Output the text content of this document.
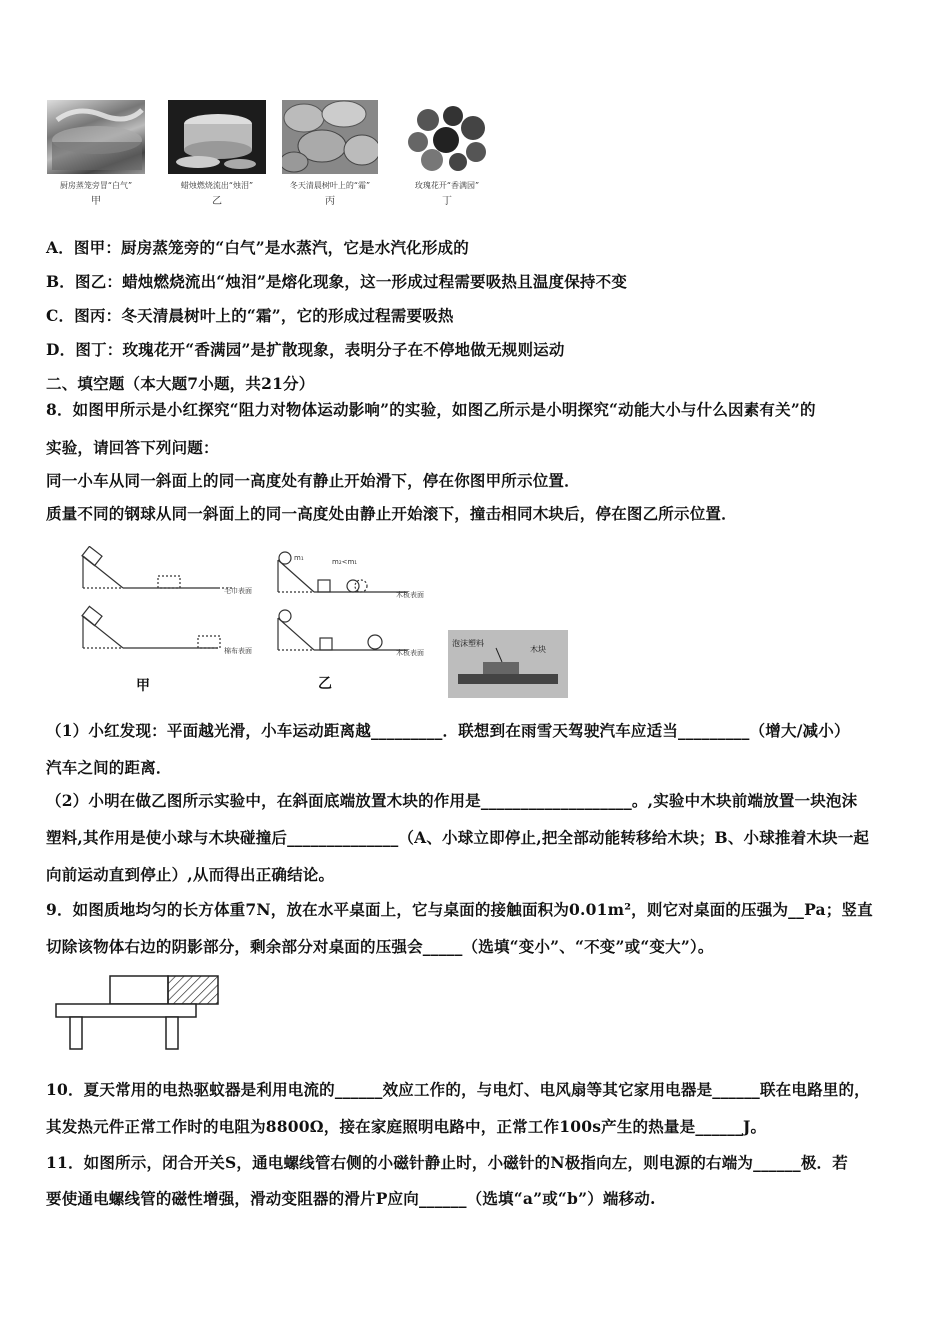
厨房蒸笼旁冒“白气”	蜡烛燃烧流出“烛泪”	冬天清晨树叶上的“霜”	玫瑰花开“香满园”
甲	乙	丙	丁
A．图甲：厨房蒸笼旁的“白气”是水蒸汽，它是水汽化形成的
B．图乙：蜡烛燃烧流出“烛泪”是熔化现象，这一形成过程需要吸热且温度保持不变
C．图丙：冬天清晨树叶上的“霜”，它的形成过程需要吸热
D．图丁：玫瑰花开“香满园”是扩散现象，表明分子在不停地做无规则运动
二、填空题（本大题7小题，共21分）
8．如图甲所示是小红探究“阻力对物体运动影响”的实验，如图乙所示是小明探究“动能大小与什么因素有关”的
实验，请回答下列问题：
同一小车从同一斜面上的同一高度处有静止开始滑下，停在你图甲所示位置．
质量不同的钢球从同一斜面上的同一高度处由静止开始滚下，撞击相同木块后，停在图乙所示位置．
毛巾表面
棉布表面
m₁	m₂<m₁
木板表面
木板表面
甲	乙
泡沫塑料
木块
（1）小红发现：平面越光滑，小车运动距离越_________．联想到在雨雪天驾驶汽车应适当_________（增大/减小）
汽车之间的距离．
（2）小明在做乙图所示实验中，在斜面底端放置木块的作用是___________________。,实验中木块前端放置一块泡沫
塑料,其作用是使小球与木块碰撞后______________（A、小球立即停止,把全部动能转移给木块；B、小球推着木块一起
向前运动直到停止）,从而得出正确结论。
9．如图质地均匀的长方体重7N，放在水平桌面上，它与桌面的接触面积为0.01m²，则它对桌面的压强为__Pa；竖直
切除该物体右边的阴影部分，剩余部分对桌面的压强会_____（选填“变小”、“不变”或“变大”）。
10．夏天常用的电热驱蚊器是利用电流的______效应工作的，与电灯、电风扇等其它家用电器是______联在电路里的，
其发热元件正常工作时的电阻为8800Ω，接在家庭照明电路中，正常工作100s产生的热量是______J。
11．如图所示，闭合开关S，通电螺线管右侧的小磁针静止时，小磁针的N极指向左，则电源的右端为______极．若
要使通电螺线管的磁性增强，滑动变阻器的滑片P应向______（选填“a”或“b”）端移动.
